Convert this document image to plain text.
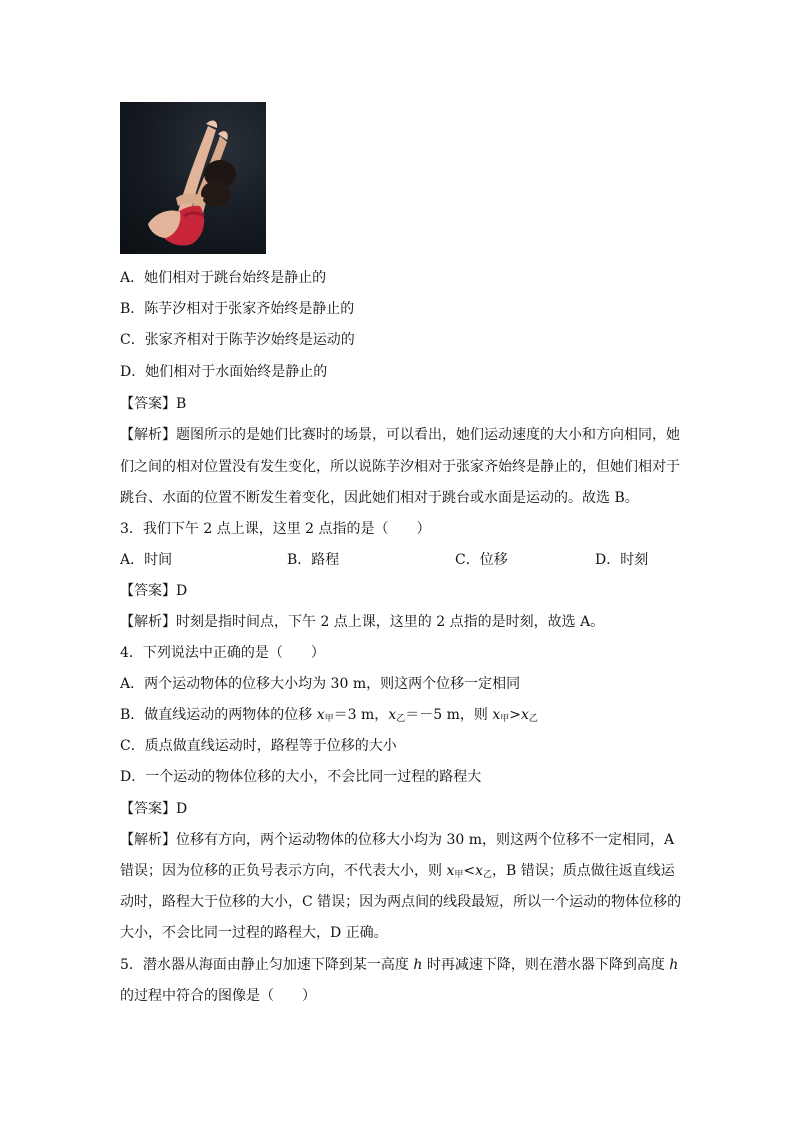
A．她们相对于跳台始终是静止的
B．陈芋汐相对于张家齐始终是静止的
C．张家齐相对于陈芋汐始终是运动的
D．她们相对于水面始终是静止的
【答案】B
【解析】题图所示的是她们比赛时的场景，可以看出，她们运动速度的大小和方向相同，她
们之间的相对位置没有发生变化，所以说陈芋汐相对于张家齐始终是静止的，但她们相对于
跳台、水面的位置不断发生着变化，因此她们相对于跳台或水面是运动的。故选 B。
3．我们下午 2 点上课，这里 2 点指的是（　　）
A．时间	B．路程	C．位移	D．时刻
【答案】D
【解析】时刻是指时间点，下午 2 点上课，这里的 2 点指的是时刻，故选 A。
4．下列说法中正确的是（　　）
A．两个运动物体的位移大小均为 30 m，则这两个位移一定相同
B．做直线运动的两物体的位移 $x_甲=3$ m，$x_乙=-5$ m，则 $x_甲>x_乙$
C．质点做直线运动时，路程等于位移的大小
D．一个运动的物体位移的大小，不会比同一过程的路程大
【答案】D
【解析】位移有方向，两个运动物体的位移大小均为 30 m，则这两个位移不一定相同，A
错误；因为位移的正负号表示方向，不代表大小，则 $x_甲<x_乙$，B 错误；质点做往返直线运
动时，路程大于位移的大小，C 错误；因为两点间的线段最短，所以一个运动的物体位移的
大小，不会比同一过程的路程大，D 正确。
5．潜水器从海面由静止匀加速下降到某一高度 h 时再减速下降，则在潜水器下降到高度 h
的过程中符合的图像是（　　）
